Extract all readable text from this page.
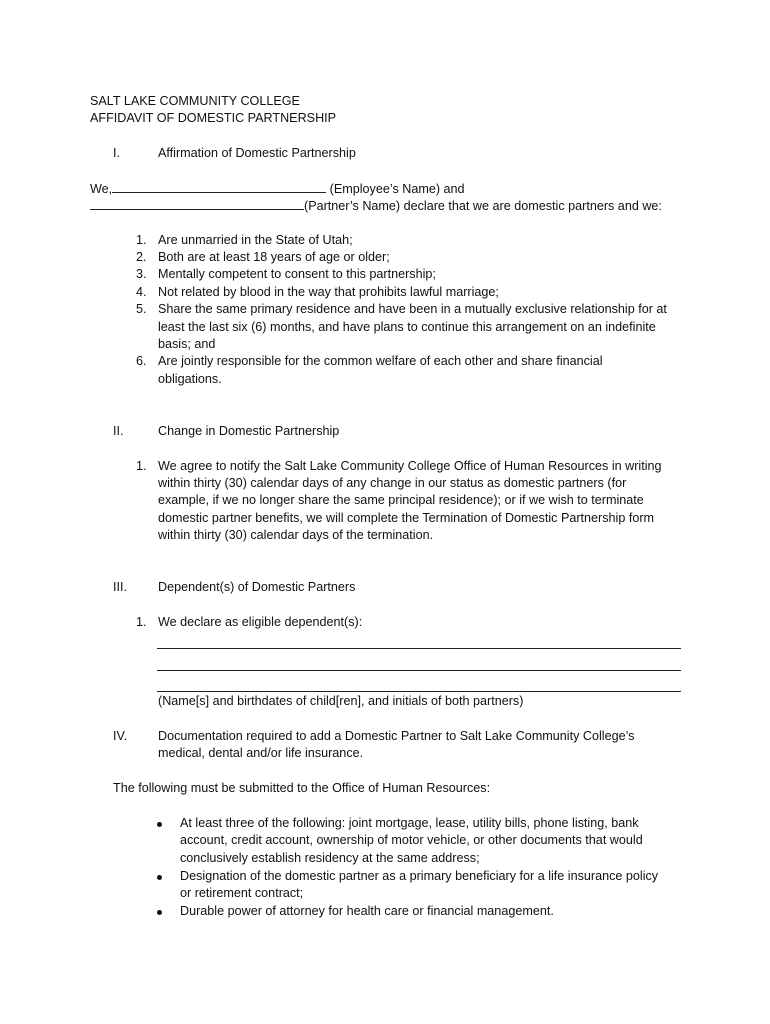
SALT LAKE COMMUNITY COLLEGE
AFFIDAVIT OF DOMESTIC PARTNERSHIP
I.	Affirmation of Domestic Partnership
We,	(Employee’s Name) and
(Partner’s Name) declare that we are domestic partners and we:
1. Are unmarried in the State of Utah;
2. Both are at least 18 years of age or older;
3. Mentally competent to consent to this partnership;
4. Not related by blood in the way that prohibits lawful marriage;
5. Share the same primary residence and have been in a mutually exclusive relationship for at
least the last six (6) months, and have plans to continue this arrangement on an indefinite
basis; and
6. Are jointly responsible for the common welfare of each other and share financial
obligations.
II.	Change in Domestic Partnership
1. We agree to notify the Salt Lake Community College Office of Human Resources in writing
within thirty (30) calendar days of any change in our status as domestic partners (for
example, if we no longer share the same principal residence); or if we wish to terminate
domestic partner benefits, we will complete the Termination of Domestic Partnership form
within thirty (30) calendar days of the termination.
III. Dependent(s) of Domestic Partners
1. We declare as eligible dependent(s):
(Name[s] and birthdates of child[ren], and initials of both partners)
IV. Documentation required to add a Domestic Partner to Salt Lake Community College’s
medical, dental and/or life insurance.
The following must be submitted to the Office of Human Resources:
At least three of the following: joint mortgage, lease, utility bills, phone listing, bank
account, credit account, ownership of motor vehicle, or other documents that would
conclusively establish residency at the same address;
Designation of the domestic partner as a primary beneficiary for a life insurance policy
or retirement contract;
Durable power of attorney for health care or financial management.
